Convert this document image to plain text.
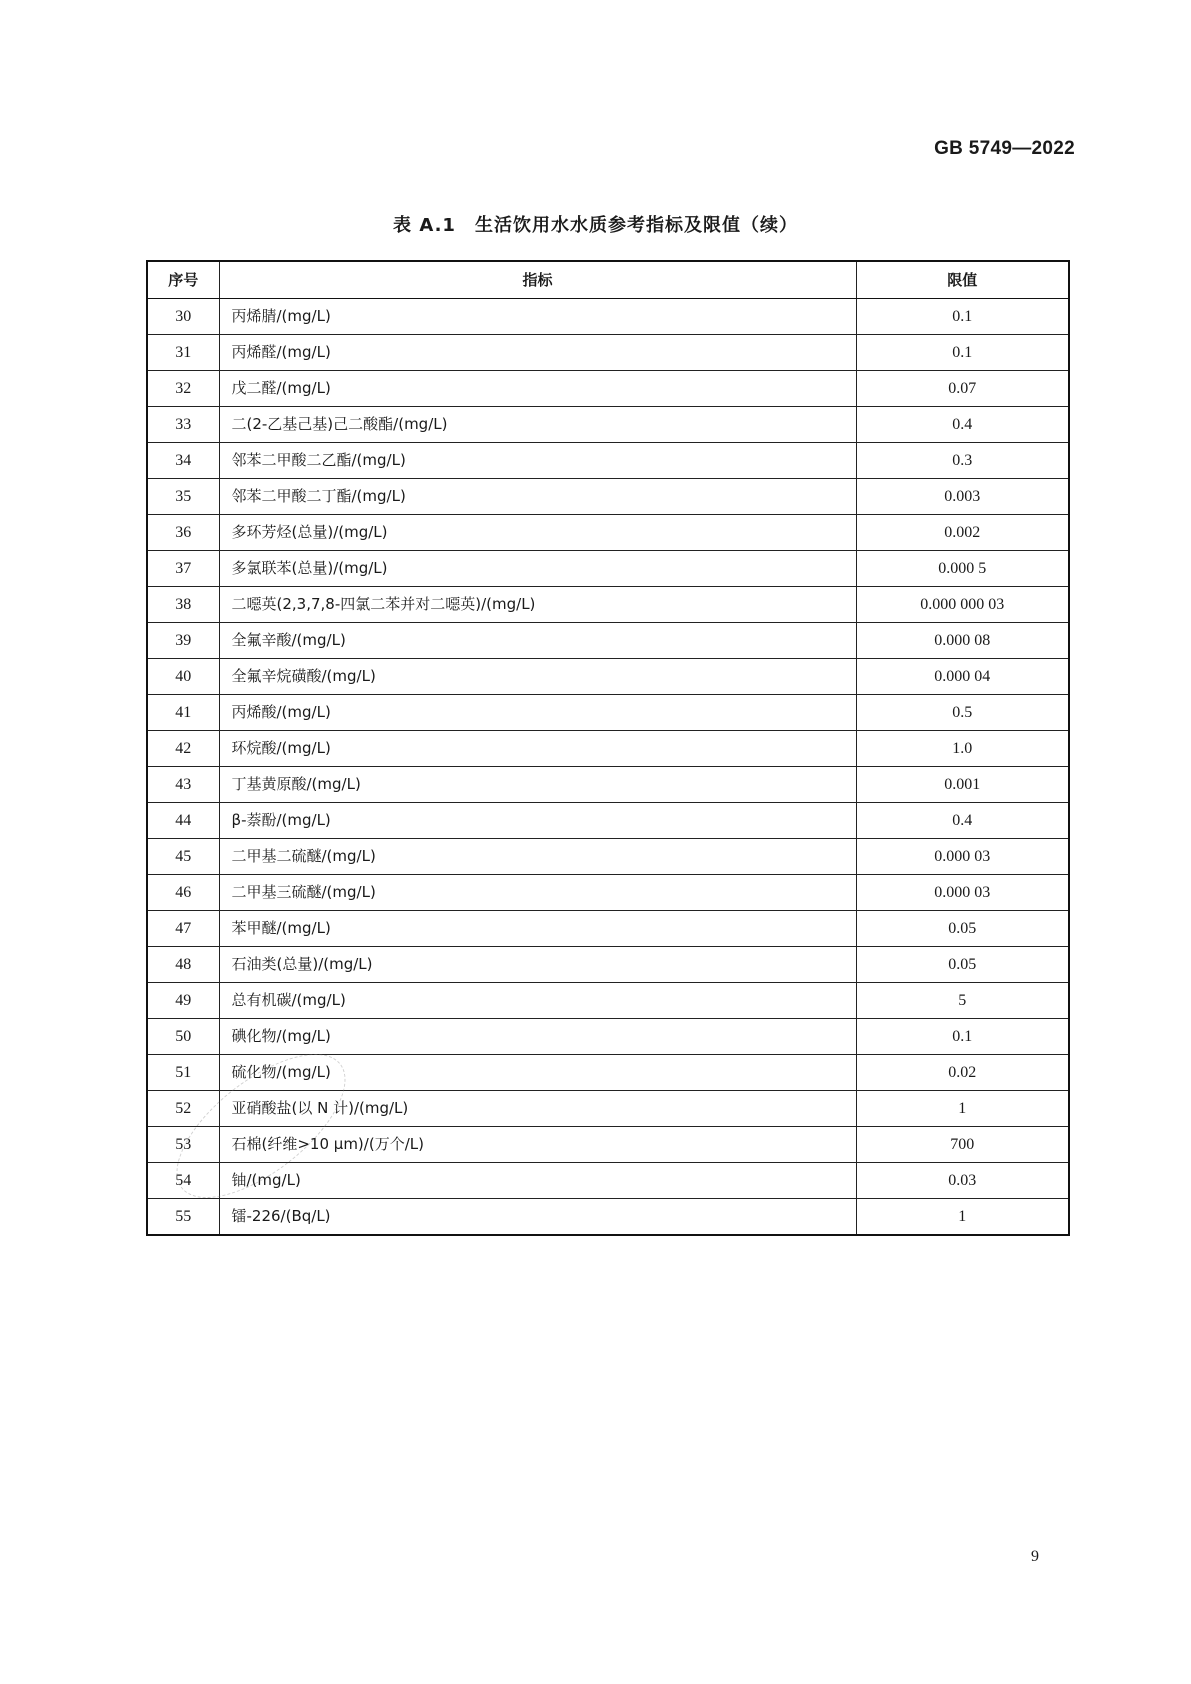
GB 5749—2022
表 A.1　生活饮用水水质参考指标及限值（续）
序号	指标	限值
30	丙烯腈/(mg/L)	0.1
31	丙烯醛/(mg/L)	0.1
32	戊二醛/(mg/L)	0.07
33	二(2-乙基己基)己二酸酯/(mg/L)	0.4
34	邻苯二甲酸二乙酯/(mg/L)	0.3
35	邻苯二甲酸二丁酯/(mg/L)	0.003
36	多环芳烃(总量)/(mg/L)	0.002
37	多氯联苯(总量)/(mg/L)	0.000 5
38	二噁英(2,3,7,8-四氯二苯并对二噁英)/(mg/L)	0.000 000 03
39	全氟辛酸/(mg/L)	0.000 08
40	全氟辛烷磺酸/(mg/L)	0.000 04
41	丙烯酸/(mg/L)	0.5
42	环烷酸/(mg/L)	1.0
43	丁基黄原酸/(mg/L)	0.001
44	β-萘酚/(mg/L)	0.4
45	二甲基二硫醚/(mg/L)	0.000 03
46	二甲基三硫醚/(mg/L)	0.000 03
47	苯甲醚/(mg/L)	0.05
48	石油类(总量)/(mg/L)	0.05
49	总有机碳/(mg/L)	5
50	碘化物/(mg/L)	0.1
51	硫化物/(mg/L)	0.02
52	亚硝酸盐(以 N 计)/(mg/L)	1
53	石棉(纤维>10 μm)/(万个/L)	700
54	铀/(mg/L)	0.03
55	镭-226/(Bq/L)	1
9
